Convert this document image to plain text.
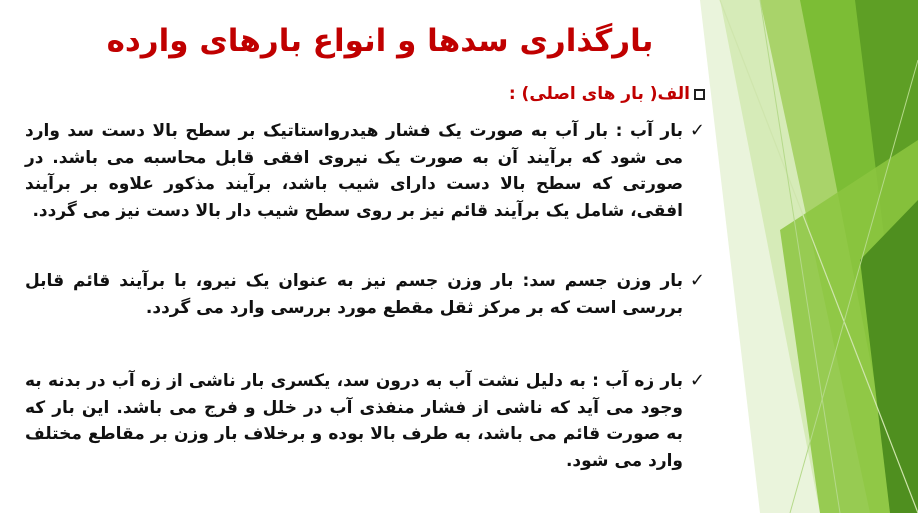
بارگذاری سدها و انواع بارهای وارده
الف( بار های اصلی) :
✓
بار آب : بار آب به صورت یک فشار هیدرواستاتیک بر سطح بالا دست سد وارد می شود که برآیند آن به صورت یک نیروی افقی قابل محاسبه می باشد. در صورتی که سطح بالا دست دارای شیب باشد، برآیند مذکور علاوه بر برآیند افقی، شامل یک برآیند قائم نیز بر روی سطح شیب دار بالا دست نیز می گردد.
✓
بار وزن جسم سد: بار وزن جسم نیز به عنوان یک نیرو، با برآیند قائم قابل بررسی است که بر مرکز ثقل مقطع مورد بررسی وارد می گردد.
✓
بار زه آب : به دلیل نشت آب به درون سد، یکسری بار ناشی از زه آب در بدنه به وجود می آید که ناشی از فشار منفذی آب در خلل و فرج می باشد. این بار که به صورت قائم می باشد، به طرف بالا بوده و برخلاف بار وزن بر مقاطع مختلف وارد می شود.
